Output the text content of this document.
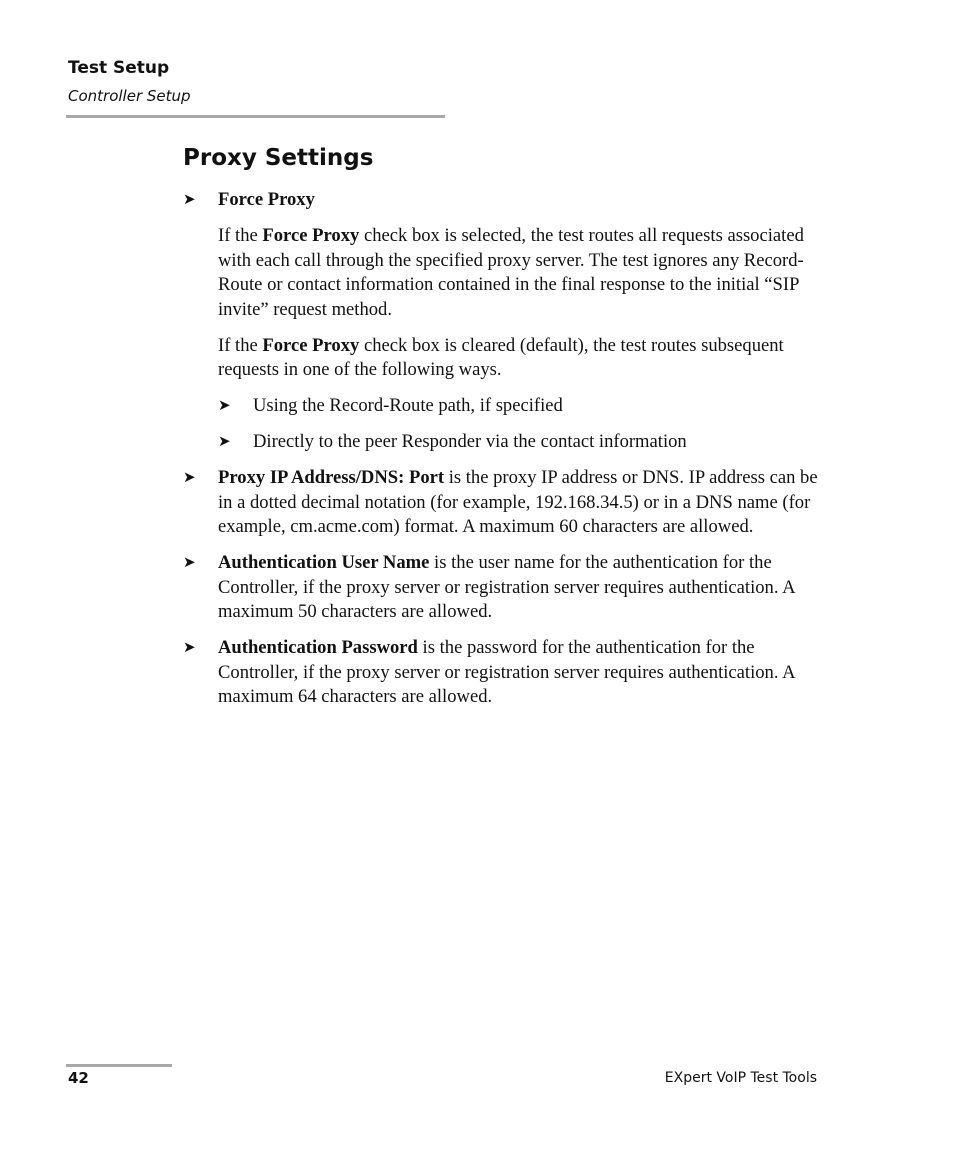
Test Setup
Controller Setup
Proxy Settings
➤ Force Proxy
If the Force Proxy check box is selected, the test routes all requests associated with each call through the specified proxy server. The test ignores any Record-Route or contact information contained in the final response to the initial “SIP invite” request method.
If the Force Proxy check box is cleared (default), the test routes subsequent requests in one of the following ways.
➤ Using the Record-Route path, if specified
➤ Directly to the peer Responder via the contact information
➤ Proxy IP Address/DNS: Port is the proxy IP address or DNS. IP address can be in a dotted decimal notation (for example, 192.168.34.5) or in a DNS name (for example, cm.acme.com) format. A maximum 60 characters are allowed.
➤ Authentication User Name is the user name for the authentication for the Controller, if the proxy server or registration server requires authentication. A maximum 50 characters are allowed.
➤ Authentication Password is the password for the authentication for the Controller, if the proxy server or registration server requires authentication. A maximum 64 characters are allowed.
42	EXpert VoIP Test Tools
